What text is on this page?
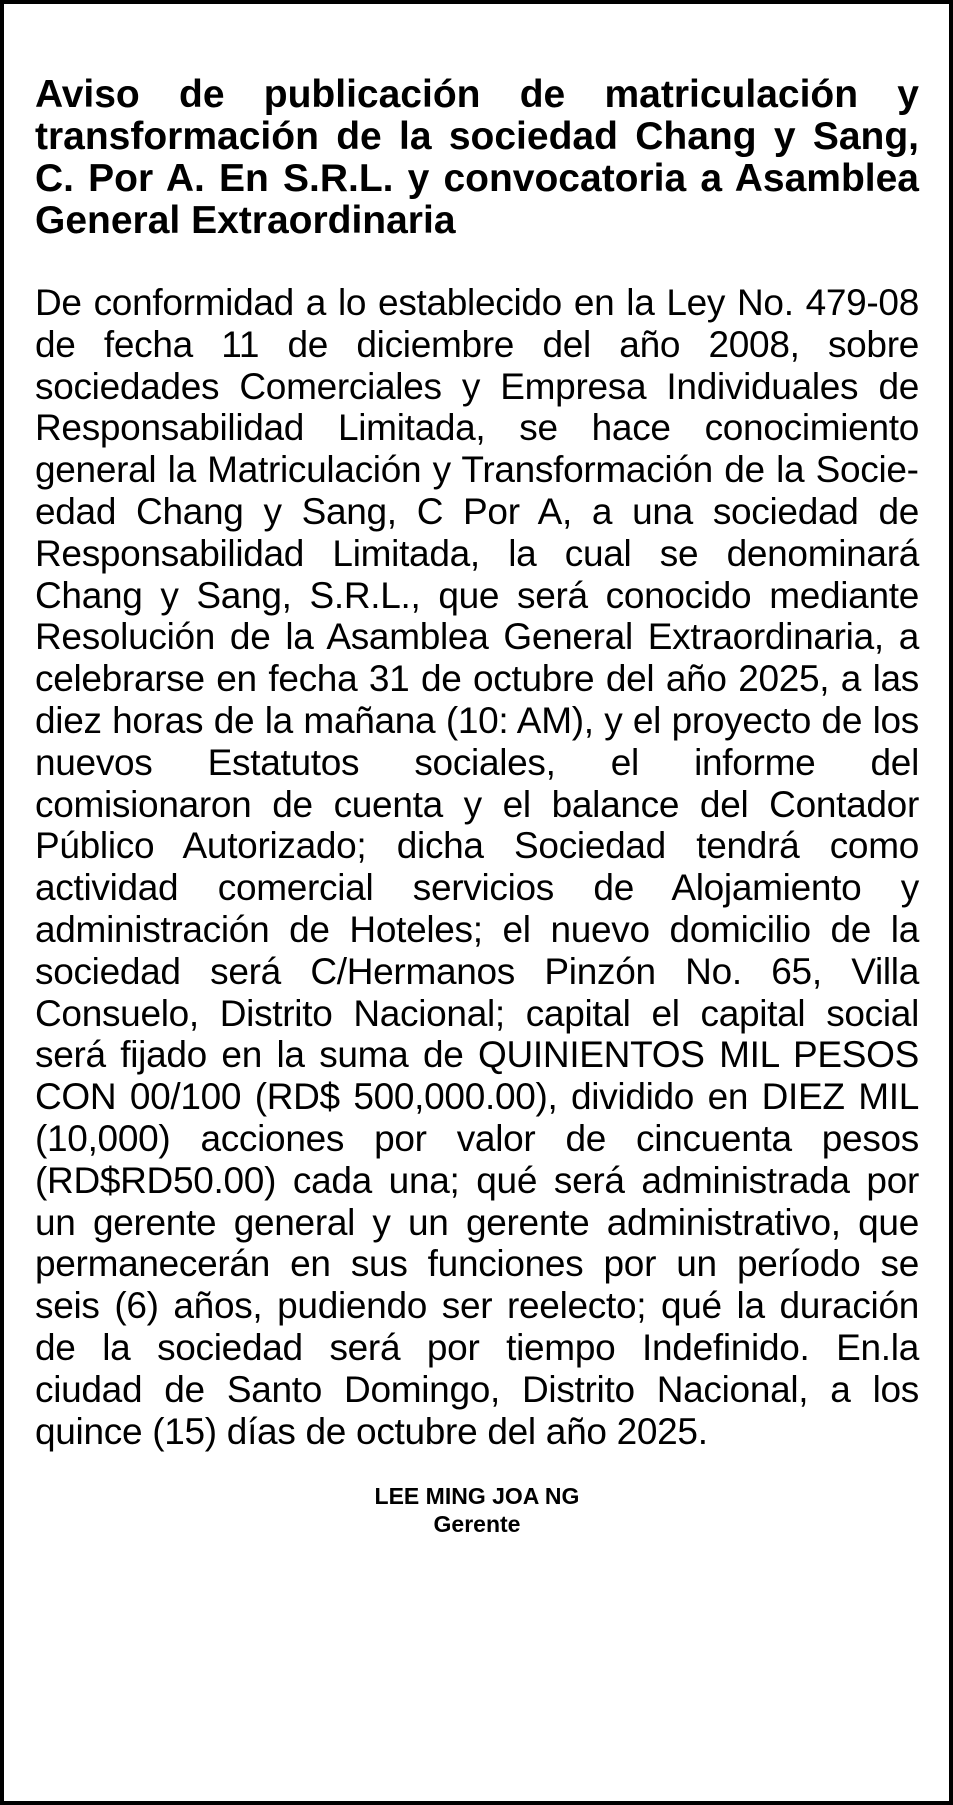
Aviso de publicación de matriculación y transformación de la sociedad Chang y Sang, C. Por A. En S.R.L. y convocatoria a Asamblea General Extraordinaria

De conformidad a lo establecido en la Ley No. 479-08 de fecha 11 de diciembre del año 2008, sobre sociedades Comerciales y Empresa Individuales de Responsabilidad Limitada, se hace conocimiento general la Matriculación y Transformación de la Socieedad Chang y Sang, C Por A, a una sociedad de Responsabilidad Limitada, la cual se denominará Chang y Sang, S.R.L., que será conocido mediante Resolución de la Asamblea General Extraordinaria, a celebrarse en fecha 31 de octubre del año 2025, a las diez horas de la mañana (10: AM), y el proyecto de los nuevos Estatutos sociales, el informe del comisionaron de cuenta y el balance del Contador Público Autorizado; dicha Sociedad tendrá como actividad comercial servicios de Alojamiento y administración de Hoteles; el nuevo domicilio de la sociedad será C/Hermanos Pinzón No. 65, Villa Consuelo, Distrito Nacional; capital el capital social será fijado en la suma de QUINIENTOS MIL PESOS CON 00/100 (RD$ 500,000.00), dividido en DIEZ MIL (10,000) acciones por valor de cincuenta pesos (RD$RD50.00) cada una; qué será administrada por un gerente general y un gerente administrativo, que permanecerán en sus funciones por un período se seis (6) años, pudiendo ser reelecto; qué la duración de la sociedad será por tiempo Indefinido. En.la ciudad de Santo Domingo, Distrito Nacional, a los quince (15) días de octubre del año 2025.

LEE MING JOA NG
Gerente
